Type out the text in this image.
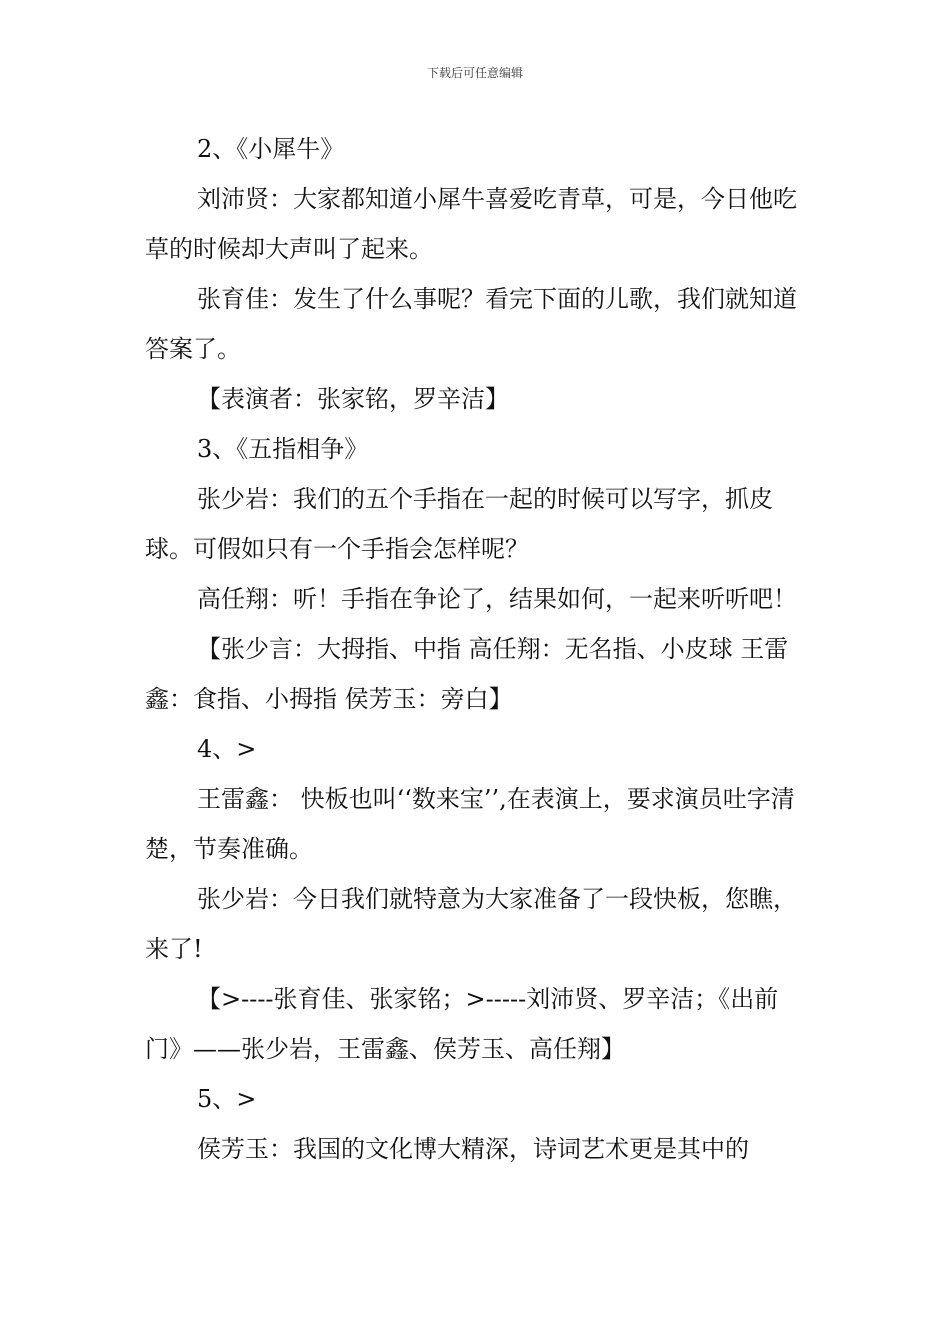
下载后可任意编辑

2、《小犀牛》

刘沛贤：大家都知道小犀牛喜爱吃青草，可是，今日他吃草的时候却大声叫了起来。

张育佳：发生了什么事呢？看完下面的儿歌，我们就知道答案了。

【表演者：张家铭，罗辛洁】

3、《五指相争》

张少岩：我们的五个手指在一起的时候可以写字，抓皮球。可假如只有一个手指会怎样呢？

高任翔：听！手指在争论了，结果如何，一起来听听吧！

【张少言：大拇指、中指 高任翔：无名指、小皮球 王雷鑫：食指、小拇指 侯芳玉：旁白】

4、>

王雷鑫： 快板也叫‘‘数来宝’’,在表演上，要求演员吐字清楚，节奏准确。

张少岩：今日我们就特意为大家准备了一段快板，您瞧，来了!

【>----张育佳、张家铭；>-----刘沛贤、罗辛洁；《出前门》——张少岩，王雷鑫、侯芳玉、高任翔】

5、>

侯芳玉：我国的文化博大精深，诗词艺术更是其中的
